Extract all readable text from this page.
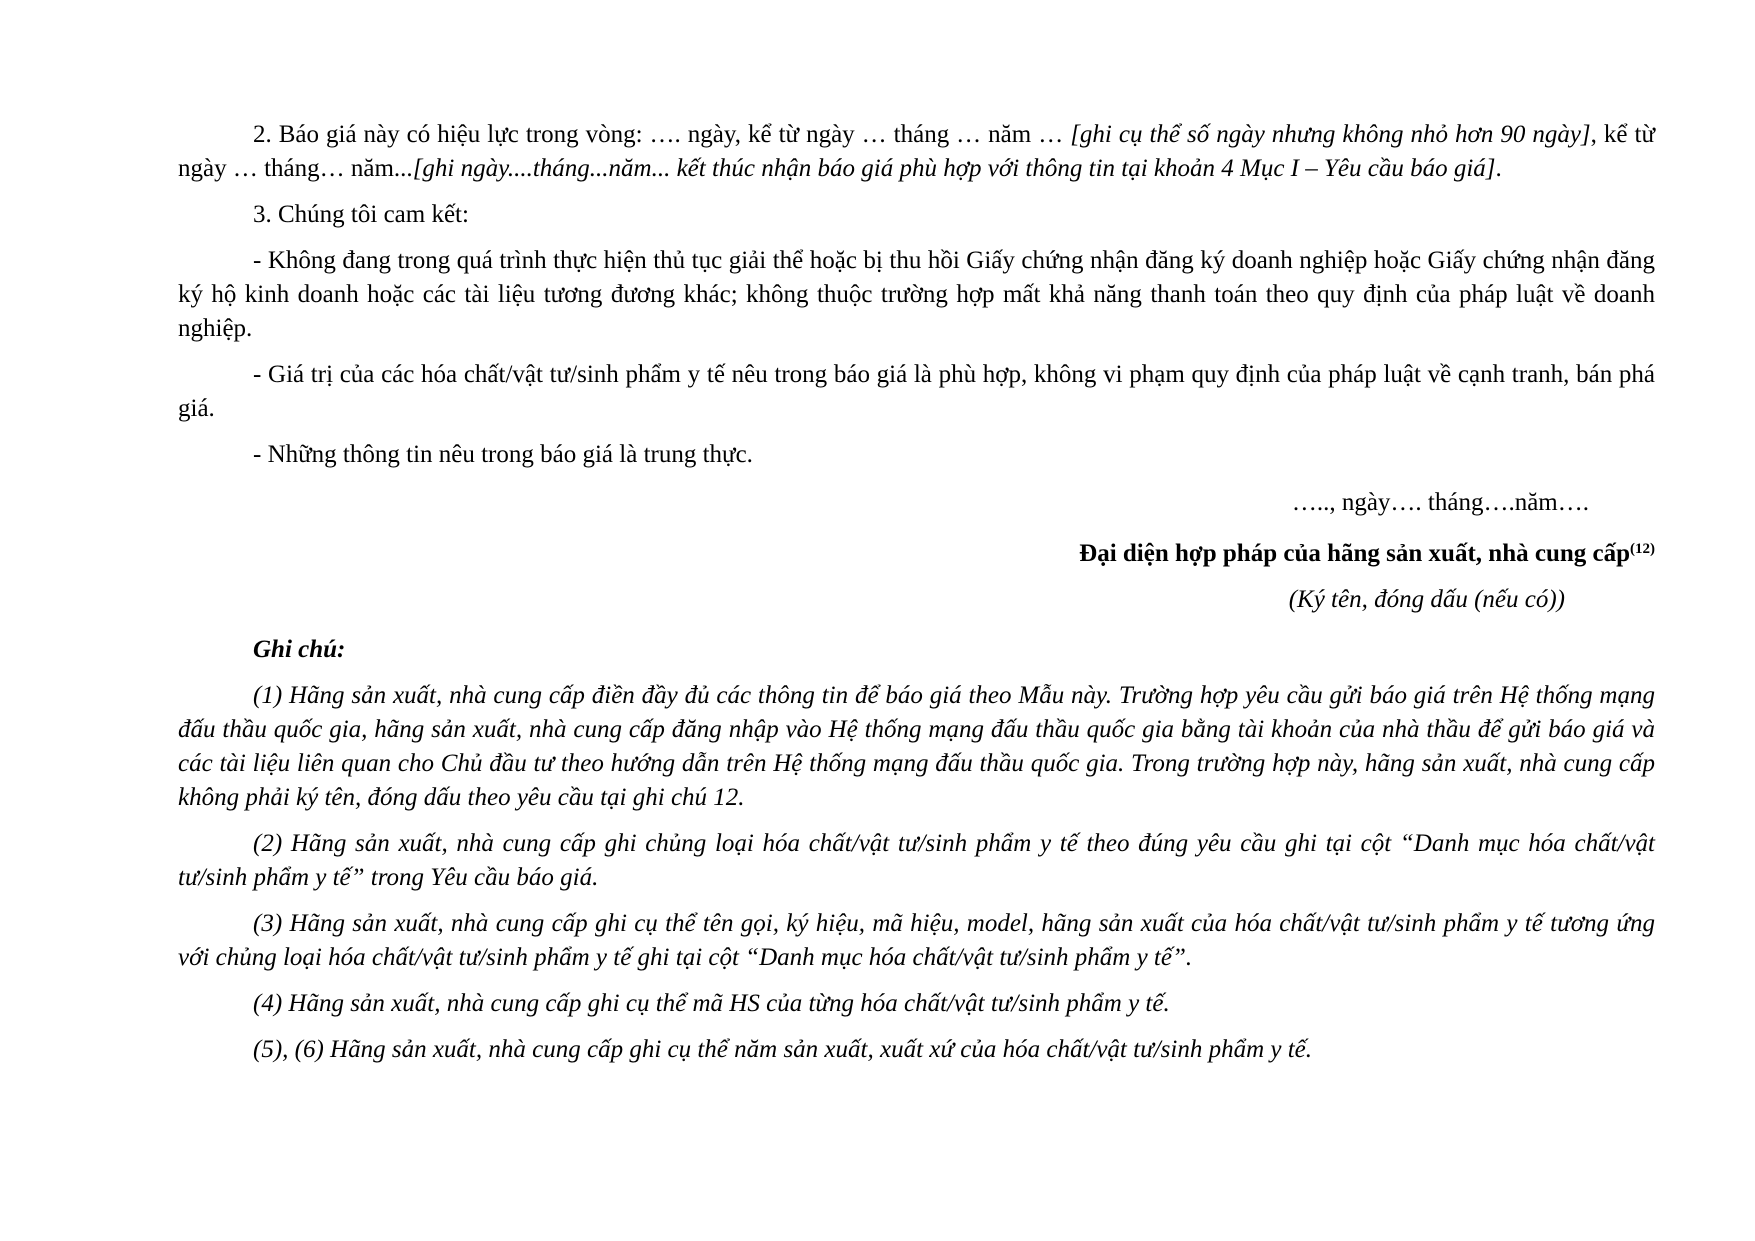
2. Báo giá này có hiệu lực trong vòng: …. ngày, kể từ ngày … tháng … năm … [ghi cụ thể số ngày nhưng không nhỏ hơn 90 ngày], kể từ ngày … tháng… năm...[ghi ngày....tháng...năm... kết thúc nhận báo giá phù hợp với thông tin tại khoản 4 Mục I – Yêu cầu báo giá].

3. Chúng tôi cam kết:

- Không đang trong quá trình thực hiện thủ tục giải thể hoặc bị thu hồi Giấy chứng nhận đăng ký doanh nghiệp hoặc Giấy chứng nhận đăng ký hộ kinh doanh hoặc các tài liệu tương đương khác; không thuộc trường hợp mất khả năng thanh toán theo quy định của pháp luật về doanh nghiệp.

- Giá trị của các hóa chất/vật tư/sinh phẩm y tế nêu trong báo giá là phù hợp, không vi phạm quy định của pháp luật về cạnh tranh, bán phá giá.

- Những thông tin nêu trong báo giá là trung thực.

….., ngày…. tháng….năm….

Đại diện hợp pháp của hãng sản xuất, nhà cung cấp$^{(12)}$

(Ký tên, đóng dấu (nếu có))

Ghi chú:

(1) Hãng sản xuất, nhà cung cấp điền đầy đủ các thông tin để báo giá theo Mẫu này. Trường hợp yêu cầu gửi báo giá trên Hệ thống mạng đấu thầu quốc gia, hãng sản xuất, nhà cung cấp đăng nhập vào Hệ thống mạng đấu thầu quốc gia bằng tài khoản của nhà thầu để gửi báo giá và các tài liệu liên quan cho Chủ đầu tư theo hướng dẫn trên Hệ thống mạng đấu thầu quốc gia. Trong trường hợp này, hãng sản xuất, nhà cung cấp không phải ký tên, đóng dấu theo yêu cầu tại ghi chú 12.

(2) Hãng sản xuất, nhà cung cấp ghi chủng loại hóa chất/vật tư/sinh phẩm y tế theo đúng yêu cầu ghi tại cột “Danh mục hóa chất/vật tư/sinh phẩm y tế” trong Yêu cầu báo giá.

(3) Hãng sản xuất, nhà cung cấp ghi cụ thể tên gọi, ký hiệu, mã hiệu, model, hãng sản xuất của hóa chất/vật tư/sinh phẩm y tế tương ứng với chủng loại hóa chất/vật tư/sinh phẩm y tế ghi tại cột “Danh mục hóa chất/vật tư/sinh phẩm y tế”.

(4) Hãng sản xuất, nhà cung cấp ghi cụ thể mã HS của từng hóa chất/vật tư/sinh phẩm y tế.

(5), (6) Hãng sản xuất, nhà cung cấp ghi cụ thể năm sản xuất, xuất xứ của hóa chất/vật tư/sinh phẩm y tế.
